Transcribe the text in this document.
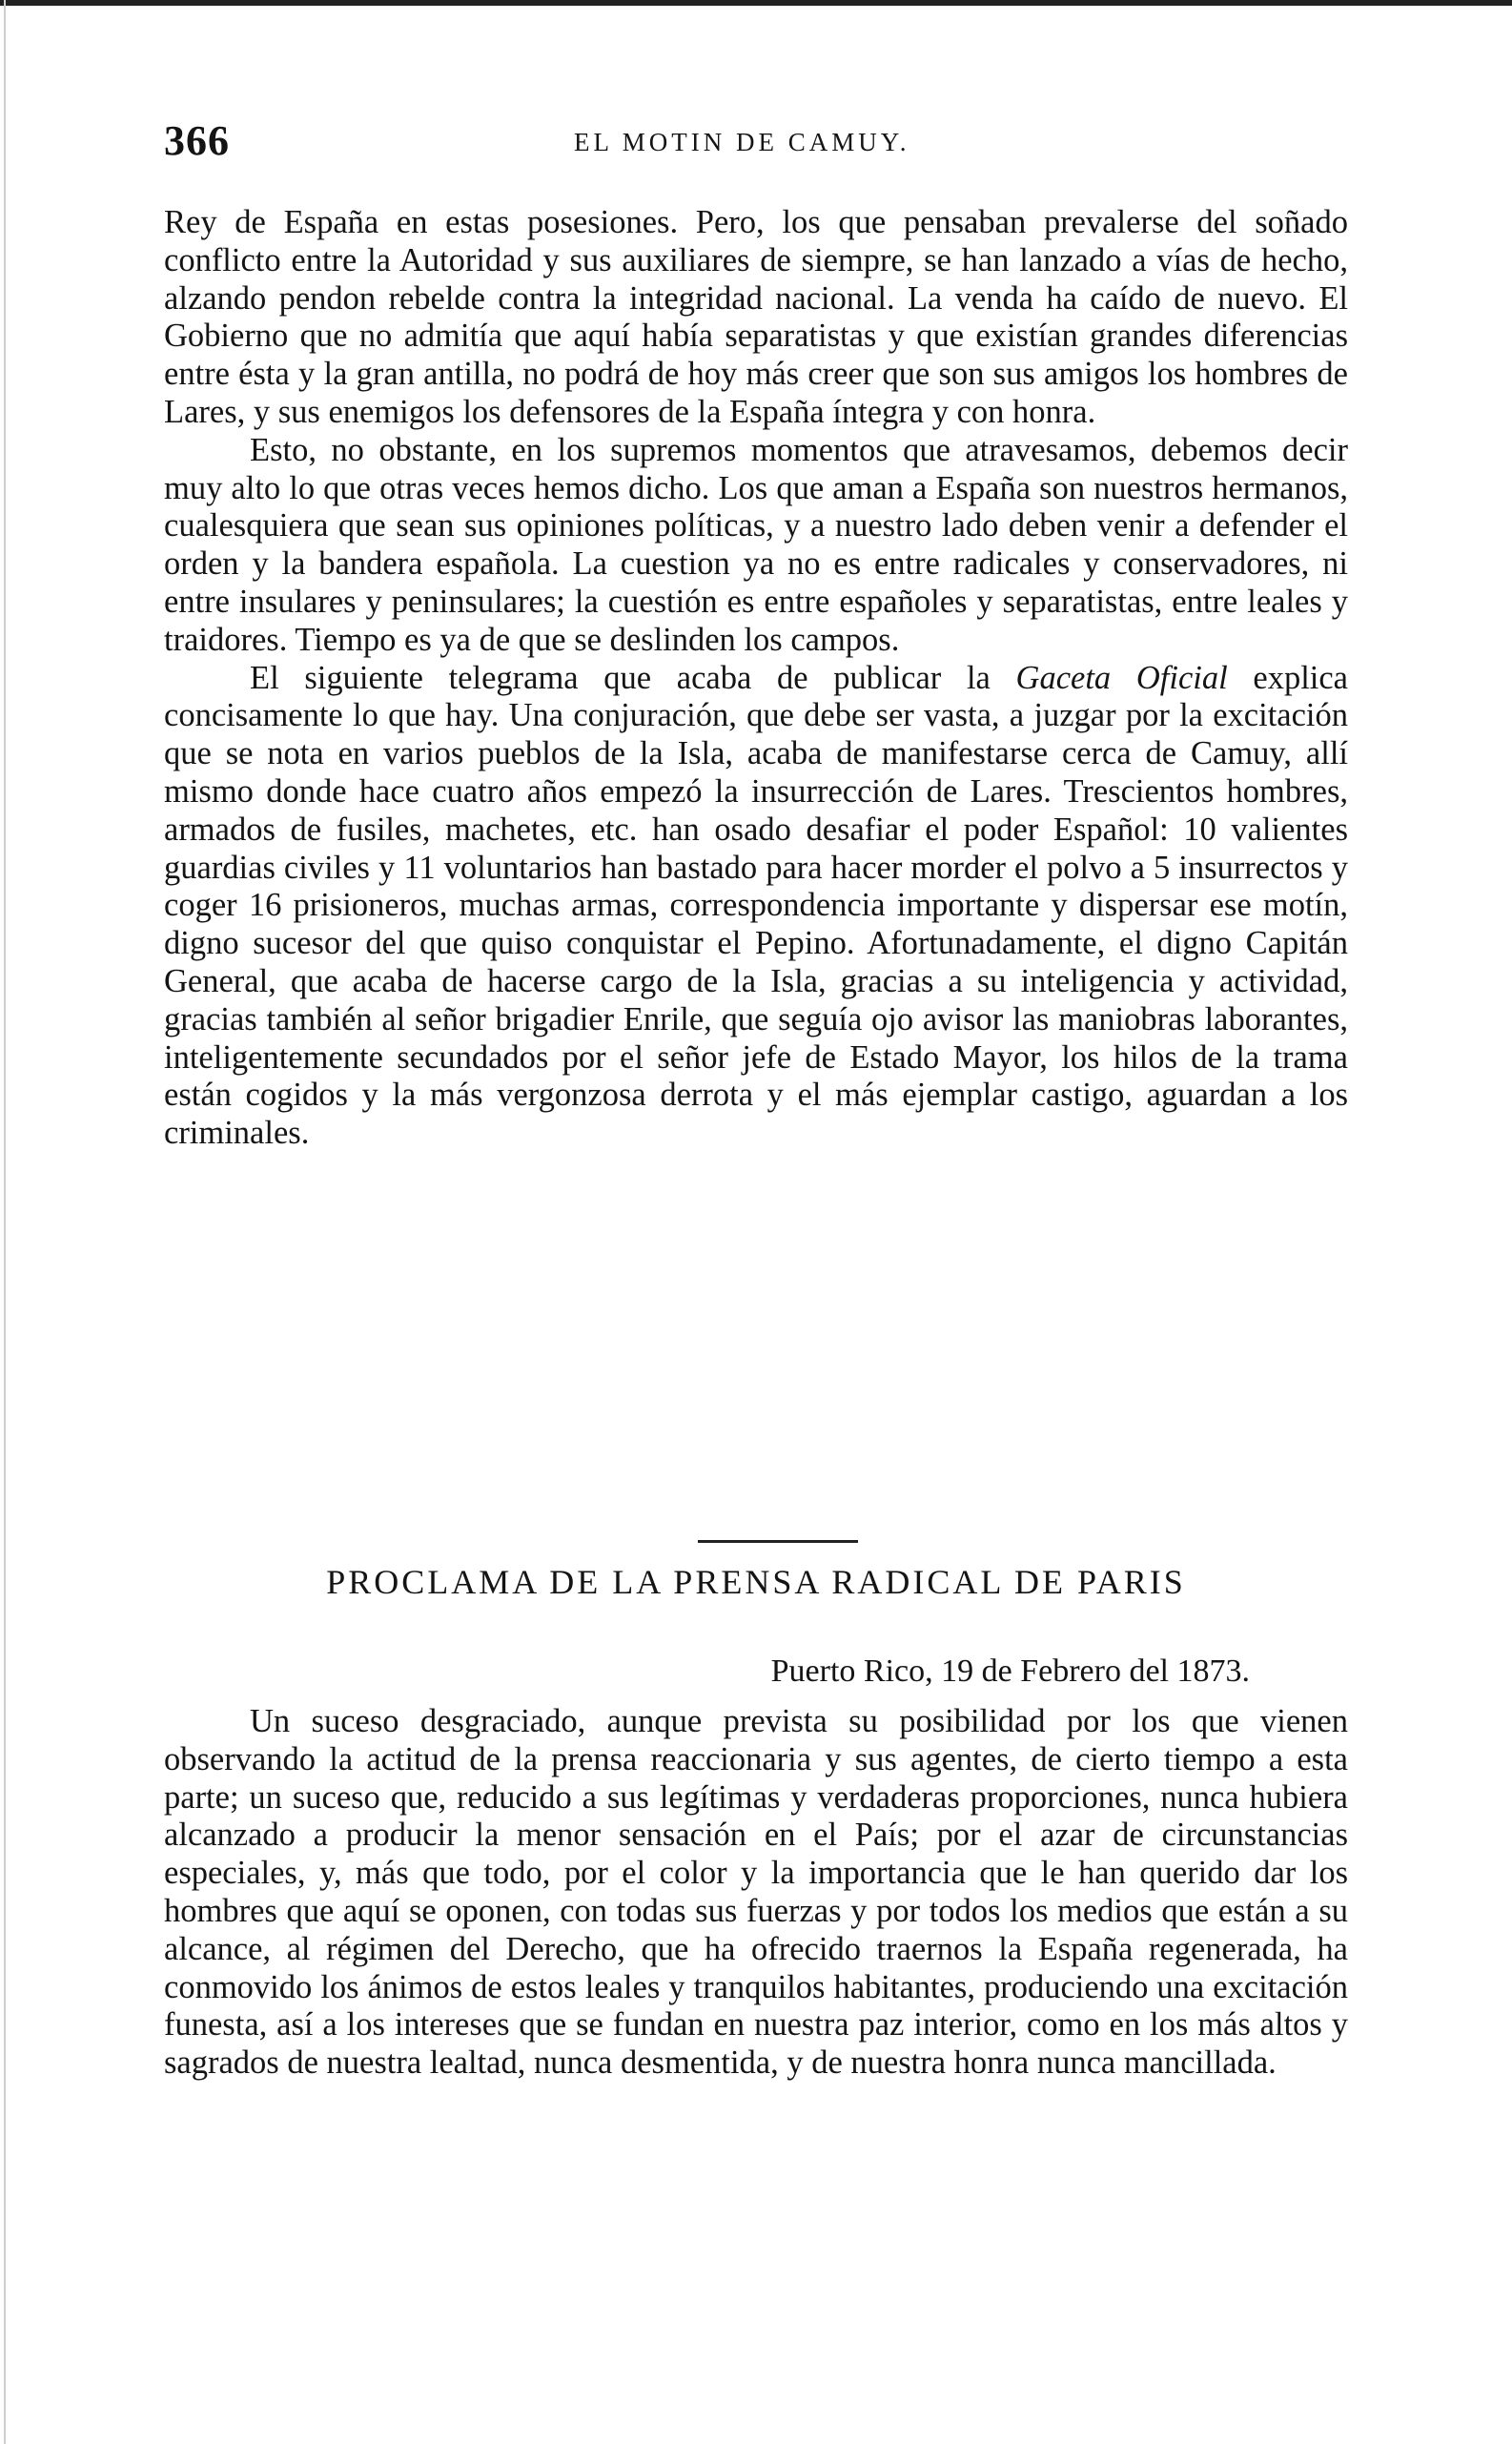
366	EL MOTIN DE CAMUY.

Rey de España en estas posesiones. Pero, los que pensaban prevalerse del soñado conflicto entre la Autoridad y sus auxiliares de siempre, se han lanzado a vías de hecho, alzando pendon rebelde contra la integridad nacional. La venda ha caído de nuevo. El Gobierno que no admitía que aquí había separatistas y que existían grandes diferencias entre ésta y la gran antilla, no podrá de hoy más creer que son sus amigos los hombres de Lares, y sus enemigos los defensores de la España íntegra y con honra.

Esto, no obstante, en los supremos momentos que atravesamos, debemos decir muy alto lo que otras veces hemos dicho. Los que aman a España son nuestros hermanos, cualesquiera que sean sus opiniones políticas, y a nuestro lado deben venir a defender el orden y la bandera española. La cuestion ya no es entre radicales y conservadores, ni entre insulares y peninsulares; la cuestión es entre españoles y separatistas, entre leales y traidores. Tiempo es ya de que se deslinden los campos.

El siguiente telegrama que acaba de publicar la Gaceta Oficial explica concisamente lo que hay. Una conjuración, que debe ser vasta, a juzgar por la excitación que se nota en varios pueblos de la Isla, acaba de manifestarse cerca de Camuy, allí mismo donde hace cuatro años empezó la insurrección de Lares. Trescientos hombres, armados de fusiles, machetes, etc. han osado desafiar el poder Español: 10 valientes guardias civiles y 11 voluntarios han bastado para hacer morder el polvo a 5 insurrectos y coger 16 prisioneros, muchas armas, correspondencia importante y dispersar ese motín, digno sucesor del que quiso conquistar el Pepino. Afortunadamente, el digno Capitán General, que acaba de hacerse cargo de la Isla, gracias a su inteligencia y actividad, gracias también al señor brigadier Enrile, que seguía ojo avisor las maniobras laborantes, inteligentemente secundados por el señor jefe de Estado Mayor, los hilos de la trama están cogidos y la más vergonzosa derrota y el más ejemplar castigo, aguardan a los criminales.

PROCLAMA DE LA PRENSA RADICAL DE PARIS
Puerto Rico, 19 de Febrero del 1873.

Un suceso desgraciado, aunque prevista su posibilidad por los que vienen observando la actitud de la prensa reaccionaria y sus agentes, de cierto tiempo a esta parte; un suceso que, reducido a sus legítimas y verdaderas proporciones, nunca hubiera alcanzado a producir la menor sensación en el País; por el azar de circunstancias especiales, y, más que todo, por el color y la importancia que le han querido dar los hombres que aquí se oponen, con todas sus fuerzas y por todos los medios que están a su alcance, al régimen del Derecho, que ha ofrecido traernos la España regenerada, ha conmovido los ánimos de estos leales y tranquilos habitantes, produciendo una excitación funesta, así a los intereses que se fundan en nuestra paz interior, como en los más altos y sagrados de nuestra lealtad, nunca desmentida, y de nuestra honra nunca mancillada.
